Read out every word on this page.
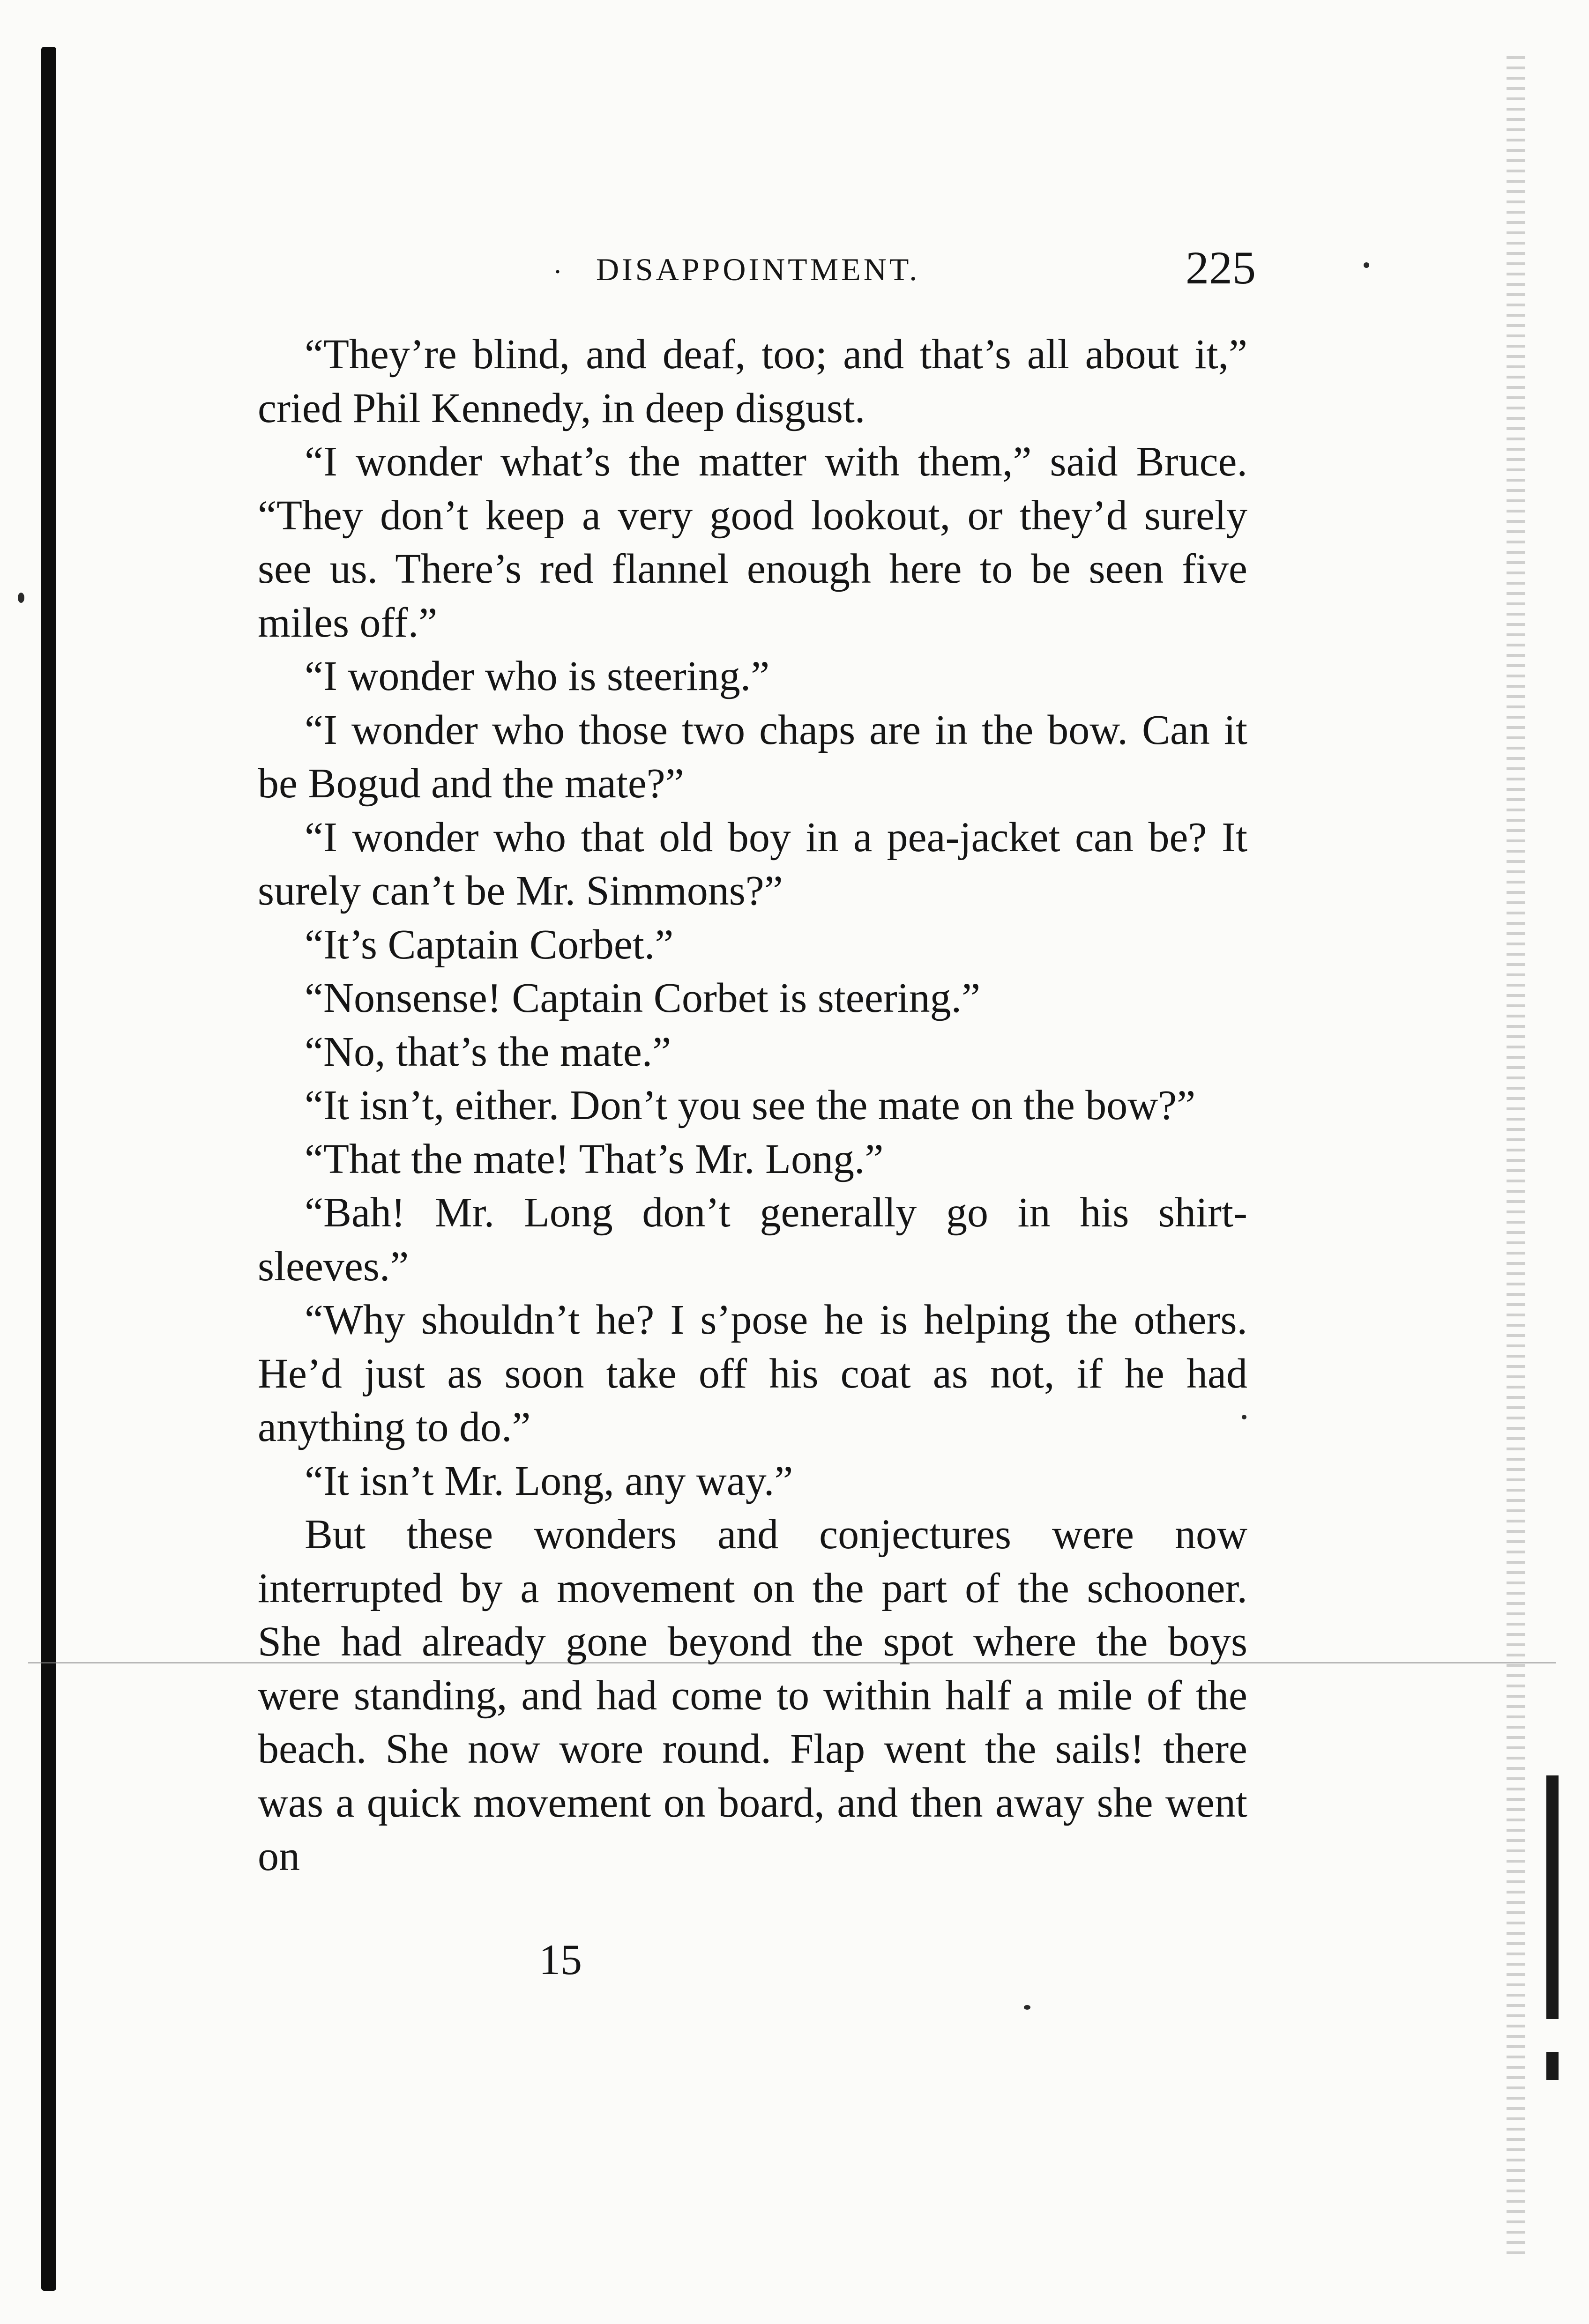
· DISAPPOINTMENT.	225

“They’re blind, and deaf, too; and that’s all about it,” cried Phil Kennedy, in deep disgust.

“I wonder what’s the matter with them,” said Bruce. “They don’t keep a very good lookout, or they’d surely see us. There’s red flannel enough here to be seen five miles off.”

“I wonder who is steering.”

“I wonder who those two chaps are in the bow. Can it be Bogud and the mate?”

“I wonder who that old boy in a pea-jacket can be? It surely can’t be Mr. Simmons?”

“It’s Captain Corbet.”

“Nonsense! Captain Corbet is steering.”

“No, that’s the mate.”

“It isn’t, either. Don’t you see the mate on the bow?”

“That the mate! That’s Mr. Long.”

“Bah! Mr. Long don’t generally go in his shirt-sleeves.”

“Why shouldn’t he? I s’pose he is helping the others. He’d just as soon take off his coat as not, if he had anything to do.”

“It isn’t Mr. Long, any way.”

But these wonders and conjectures were now interrupted by a movement on the part of the schooner. She had already gone beyond the spot where the boys were standing, and had come to within half a mile of the beach. She now wore round. Flap went the sails! there was a quick movement on board, and then away she went on

15
